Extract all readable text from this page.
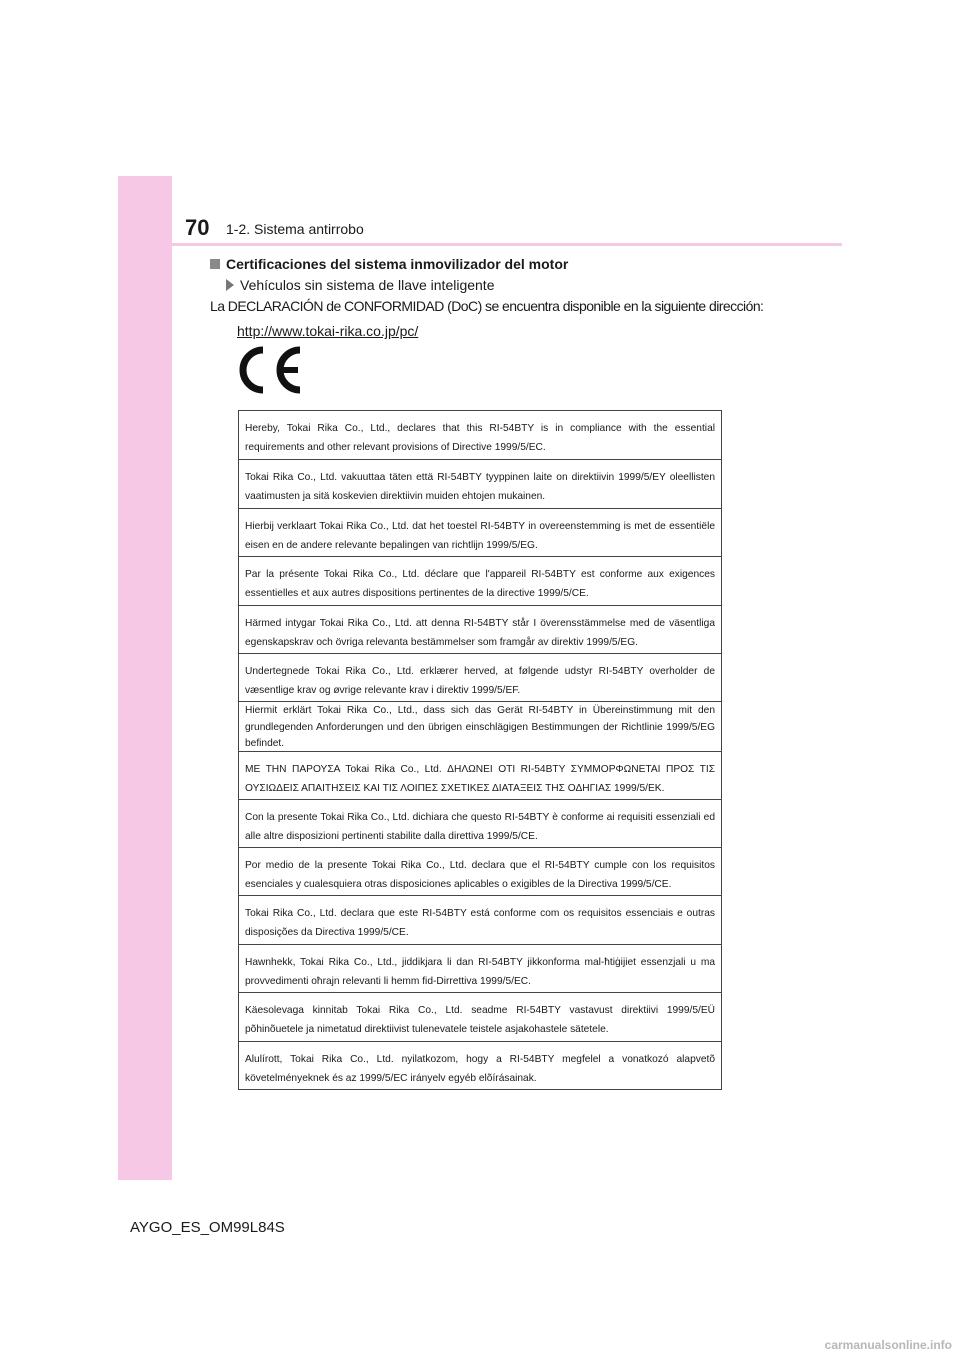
70 1-2. Sistema antirrobo
Certificaciones del sistema inmovilizador del motor
Vehículos sin sistema de llave inteligente
La DECLARACIÓN de CONFORMIDAD (DoC) se encuentra disponible en la siguiente dirección:
http://www.tokai-rika.co.jp/pc/
Hereby, Tokai Rika Co., Ltd., declares that this RI-54BTY is in compliance with the essential requirements and other relevant provisions of Directive 1999/5/EC.
Tokai Rika Co., Ltd. vakuuttaa täten että RI-54BTY tyyppinen laite on direktiivin 1999/5/EY oleellisten vaatimusten ja sitä koskevien direktiivin muiden ehtojen mukainen.
Hierbij verklaart Tokai Rika Co., Ltd. dat het toestel RI-54BTY in overeenstemming is met de essentiële eisen en de andere relevante bepalingen van richtlijn 1999/5/EG.
Par la présente Tokai Rika Co., Ltd. déclare que l'appareil RI-54BTY est conforme aux exigences essentielles et aux autres dispositions pertinentes de la directive 1999/5/CE.
Härmed intygar Tokai Rika Co., Ltd. att denna RI-54BTY står I överensstämmelse med de väsentliga egenskapskrav och övriga relevanta bestämmelser som framgår av direktiv 1999/5/EG.
Undertegnede Tokai Rika Co., Ltd. erklærer herved, at følgende udstyr RI-54BTY overholder de væsentlige krav og øvrige relevante krav i direktiv 1999/5/EF.
Hiermit erklärt Tokai Rika Co., Ltd., dass sich das Gerät RI-54BTY in Übereinstimmung mit den grundlegenden Anforderungen und den übrigen einschlägigen Bestimmungen der Richtlinie 1999/5/EG befindet.
ΜΕ ΤΗΝ ΠΑΡΟΥΣΑ Tokai Rika Co., Ltd. ΔΗΛΩΝΕΙ ΟΤΙ RI-54BTY ΣΥΜΜΟΡΦΩΝΕΤΑΙ ΠΡΟΣ ΤΙΣ ΟΥΣΙΩΔΕΙΣ ΑΠΑΙΤΗΣΕΙΣ ΚΑΙ ΤΙΣ ΛΟΙΠΕΣ ΣΧΕΤΙΚΕΣ ΔΙΑΤΑΞΕΙΣ ΤΗΣ ΟΔΗΓΙΑΣ 1999/5/ΕΚ.
Con la presente Tokai Rika Co., Ltd. dichiara che questo RI-54BTY è conforme ai requisiti essenziali ed alle altre disposizioni pertinenti stabilite dalla direttiva 1999/5/CE.
Por medio de la presente Tokai Rika Co., Ltd. declara que el RI-54BTY cumple con los requisitos esenciales y cualesquiera otras disposiciones aplicables o exigibles de la Directiva 1999/5/CE.
Tokai Rika Co., Ltd. declara que este RI-54BTY está conforme com os requisitos essenciais e outras disposições da Directiva 1999/5/CE.
Hawnhekk, Tokai Rika Co., Ltd., jiddikjara li dan RI-54BTY jikkonforma mal-ħtiġijiet essenzjali u ma provvedimenti oħrajn relevanti li hemm fid-Dirrettiva 1999/5/EC.
Käesolevaga kinnitab Tokai Rika Co., Ltd. seadme RI-54BTY vastavust direktiivi 1999/5/EÜ põhinõuetele ja nimetatud direktiivist tulenevatele teistele asjakohastele sätetele.
Alulírott, Tokai Rika Co., Ltd. nyilatkozom, hogy a RI-54BTY megfelel a vonatkozó alapvetõ követelményeknek és az 1999/5/EC irányelv egyéb elõírásainak.
AYGO_ES_OM99L84S
carmanualsonline.info
